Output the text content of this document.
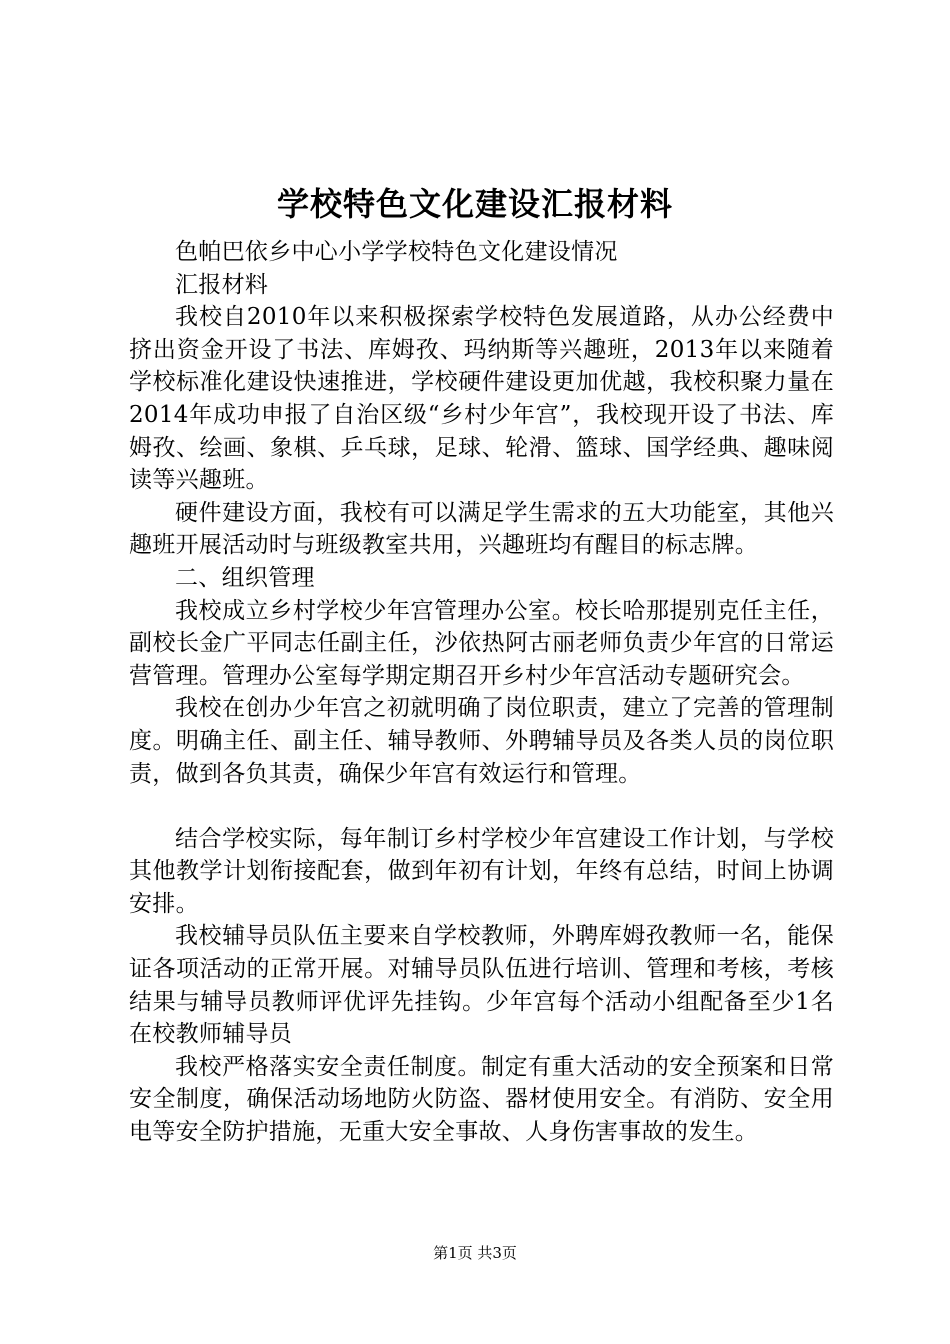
学校特色文化建设汇报材料

色帕巴依乡中心小学学校特色文化建设情况

汇报材料

我校自2010年以来积极探索学校特色发展道路，从办公经费中挤出资金开设了书法、库姆孜、玛纳斯等兴趣班，2013年以来随着学校标准化建设快速推进，学校硬件建设更加优越，我校积聚力量在2014年成功申报了自治区级“乡村少年宫”，我校现开设了书法、库姆孜、绘画、象棋、乒乓球，足球、轮滑、篮球、国学经典、趣味阅读等兴趣班。

硬件建设方面，我校有可以满足学生需求的五大功能室，其他兴趣班开展活动时与班级教室共用，兴趣班均有醒目的标志牌。

二、组织管理

我校成立乡村学校少年宫管理办公室。校长哈那提别克任主任，副校长金广平同志任副主任，沙依热阿古丽老师负责少年宫的日常运营管理。管理办公室每学期定期召开乡村少年宫活动专题研究会。

我校在创办少年宫之初就明确了岗位职责，建立了完善的管理制度。明确主任、副主任、辅导教师、外聘辅导员及各类人员的岗位职责，做到各负其责，确保少年宫有效运行和管理。

结合学校实际，每年制订乡村学校少年宫建设工作计划，与学校其他教学计划衔接配套，做到年初有计划，年终有总结，时间上协调安排。

我校辅导员队伍主要来自学校教师，外聘库姆孜教师一名，能保证各项活动的正常开展。对辅导员队伍进行培训、管理和考核，考核结果与辅导员教师评优评先挂钩。少年宫每个活动小组配备至少1名在校教师辅导员

我校严格落实安全责任制度。制定有重大活动的安全预案和日常安全制度，确保活动场地防火防盗、器材使用安全。有消防、安全用电等安全防护措施，无重大安全事故、人身伤害事故的发生。

第1页 共3页
